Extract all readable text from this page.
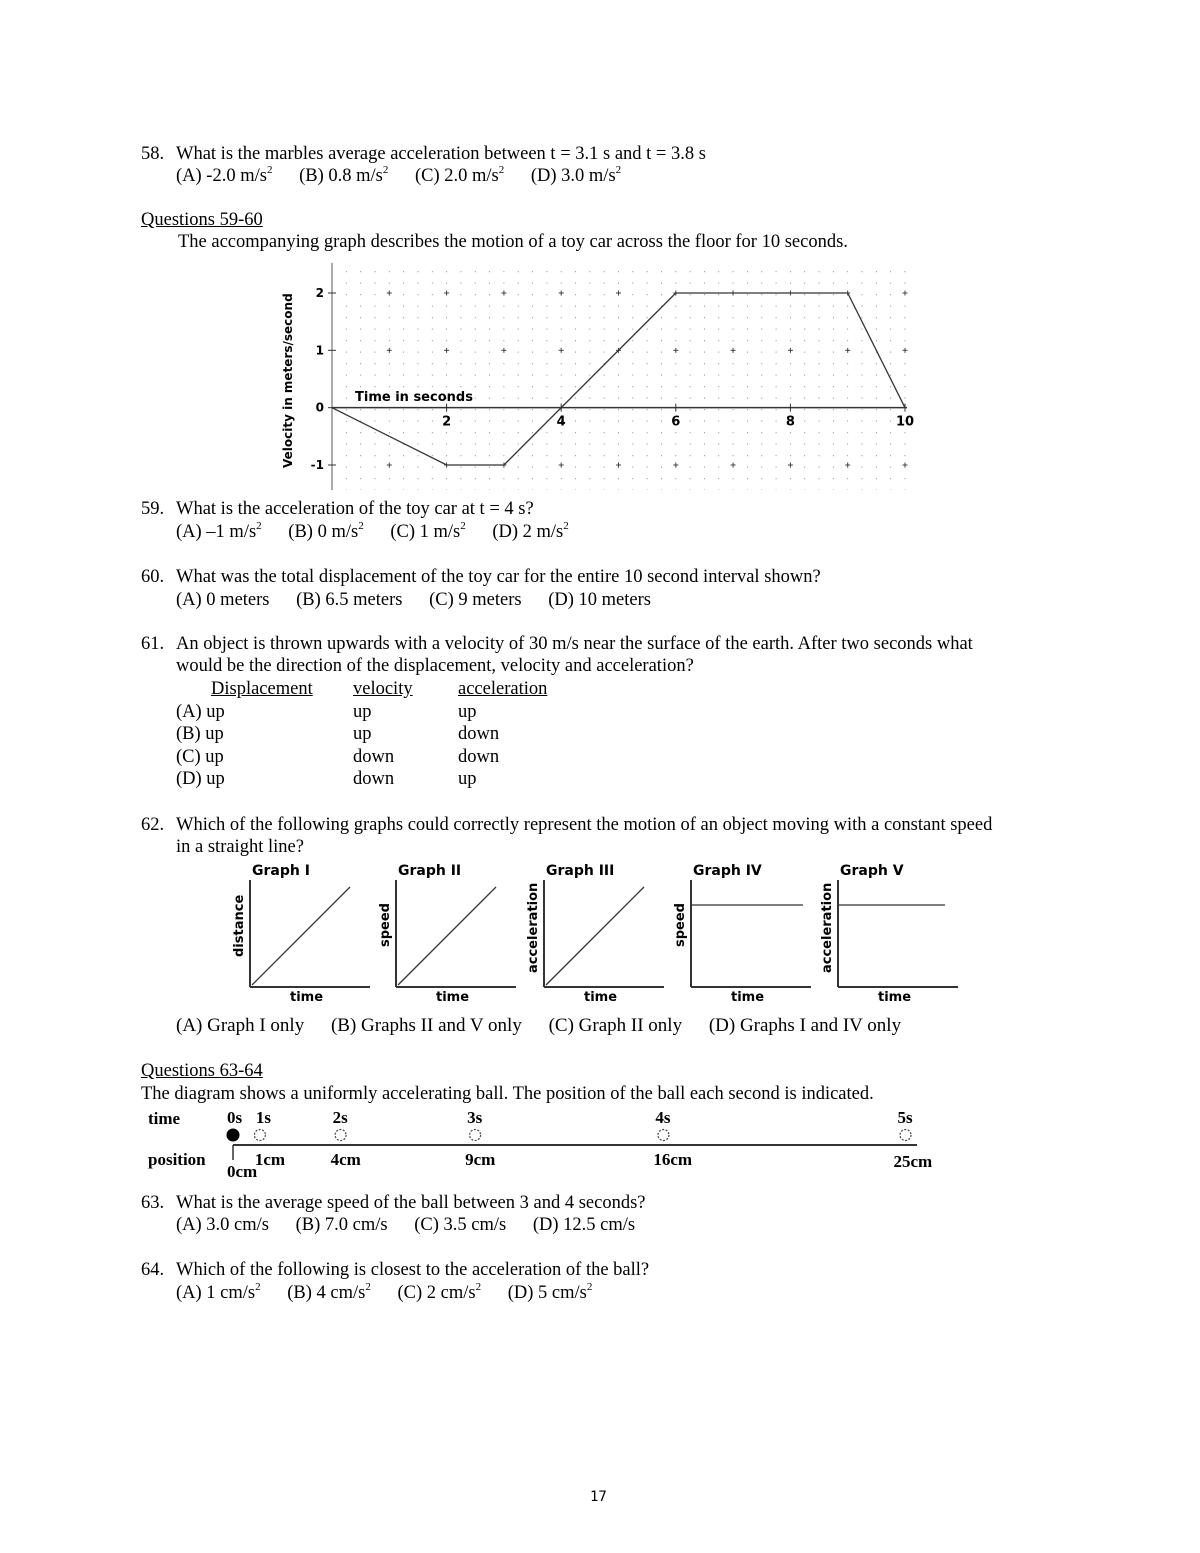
58. What is the marbles average acceleration between t = 3.1 s and t = 3.8 s
(A) -2.0 $m/s^2$ (B) 0.8 $m/s^2$ (C) 2.0 $m/s^2$ (D) 3.0 $m/s^2$
Questions 59-60
The accompanying graph describes the motion of a toy car across the floor for 10 seconds.
2	4	6	8	10
2
1
0
-1
Time in seconds
Velocity in meters/second
59. What is the acceleration of the toy car at t = 4 s?
(A) –1 $m/s^2$ (B) 0 $m/s^2$ (C) 1 $m/s^2$ (D) 2 $m/s^2$
60. What was the total displacement of the toy car for the entire 10 second interval shown?
(A) 0 meters (B) 6.5 meters (C) 9 meters (D) 10 meters
61. An object is thrown upwards with a velocity of 30 m/s near the surface of the earth. After two seconds what
would be the direction of the displacement, velocity and acceleration?
Displacement velocity acceleration
(A) up	up	up
(B) up	up	down
(C) up	down	down
(D) up	down	up
62. Which of the following graphs could correctly represent the motion of an object moving with a constant speed
in a straight line?
Graph I
distance
time
Graph II
speed
time
Graph III
acceleration
time
Graph IV
speed
time
Graph V
acceleration
time
(A) Graph I only (B) Graphs II and V only (C) Graph II only (D) Graphs I and IV only
Questions 63-64
The diagram shows a uniformly accelerating ball. The position of the ball each second is indicated.
time
position
0s
0cm
1s
1cm
2s
4cm
3s
9cm
4s
16cm
5s
25cm
63. What is the average speed of the ball between 3 and 4 seconds?
(A) 3.0 cm/s (B) 7.0 cm/s (C) 3.5 cm/s (D) 12.5 cm/s
64. Which of the following is closest to the acceleration of the ball?
(A) 1 $cm/s^2$ (B) 4 $cm/s^2$ (C) 2 $cm/s^2$ (D) 5 $cm/s^2$
17
